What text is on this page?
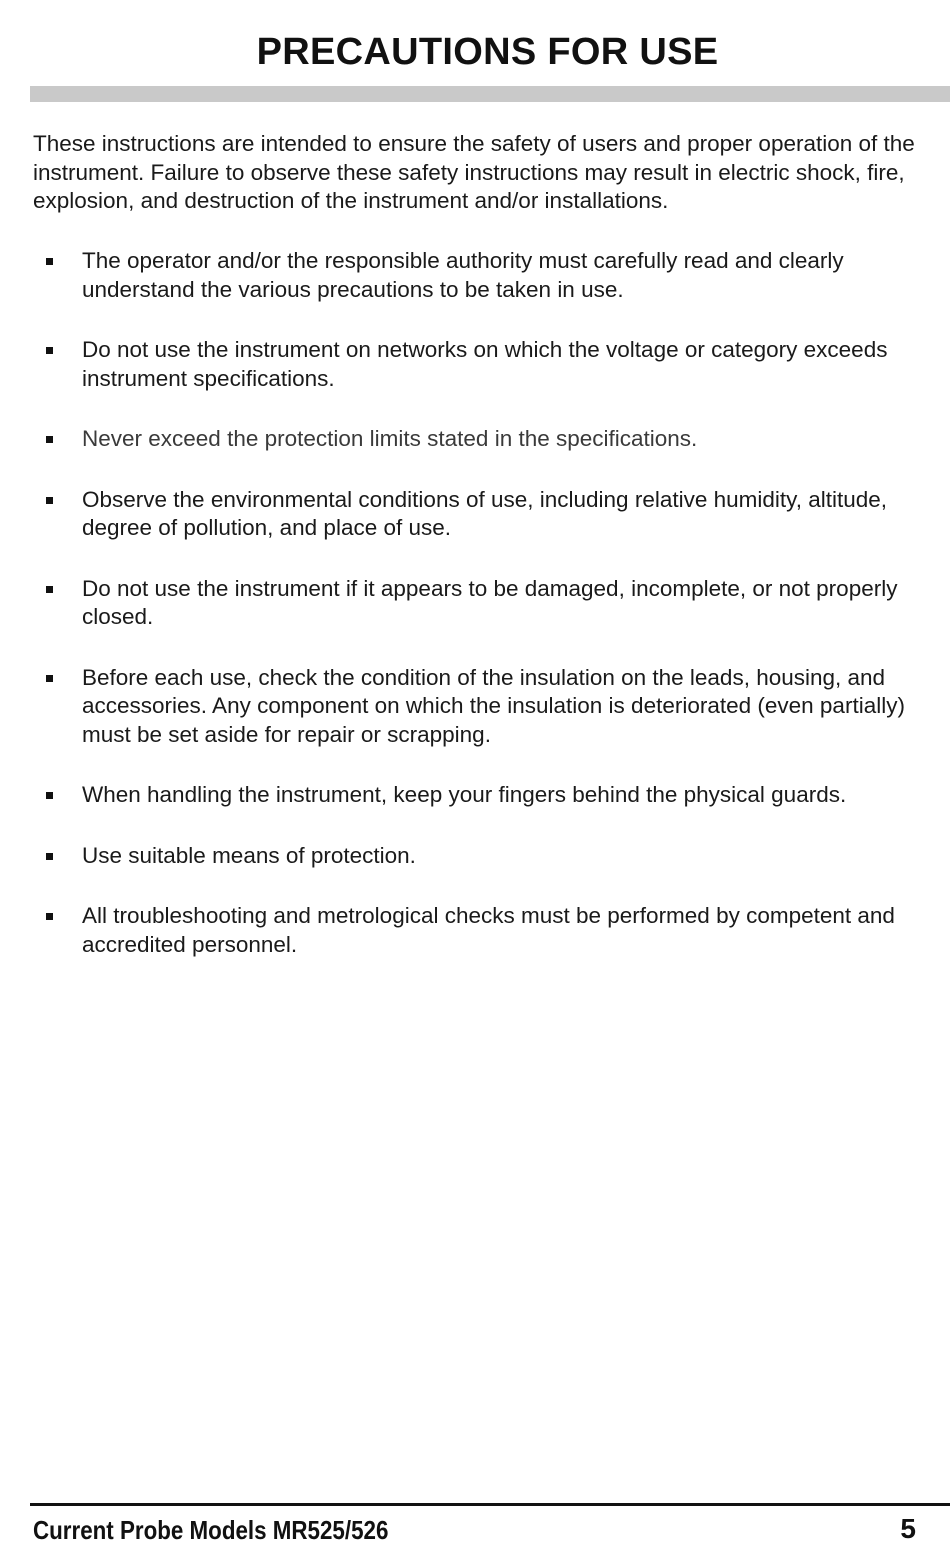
PRECAUTIONS FOR USE

These instructions are intended to ensure the safety of users and proper operation of the instrument. Failure to observe these safety instructions may result in electric shock, fire, explosion, and destruction of the instrument and/or installations.

The operator and/or the responsible authority must carefully read and clearly understand the various precautions to be taken in use.
Do not use the instrument on networks on which the voltage or category exceeds instrument specifications.
Never exceed the protection limits stated in the specifications.
Observe the environmental conditions of use, including relative humidity, altitude, degree of pollution, and place of use.
Do not use the instrument if it appears to be damaged, incomplete, or not properly closed.
Before each use, check the condition of the insulation on the leads, housing, and accessories. Any component on which the insulation is deteriorated (even partially) must be set aside for repair or scrapping.
When handling the instrument, keep your fingers behind the physical guards.
Use suitable means of protection.
All troubleshooting and metrological checks must be performed by competent and accredited personnel.
Current Probe Models MR525/526	5
